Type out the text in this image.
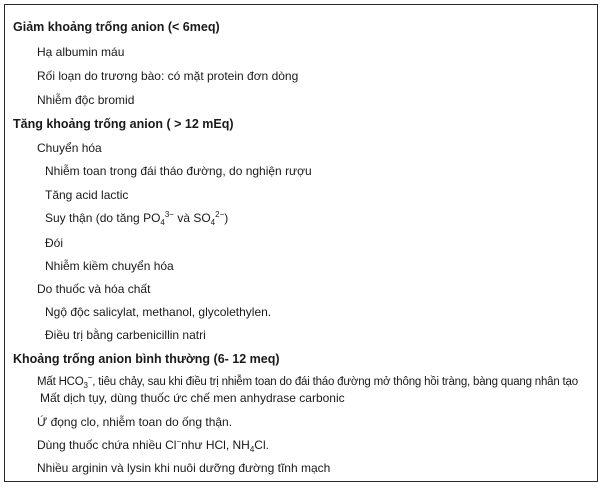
Giảm khoảng trống anion (< 6meq)
Hạ albumin máu
Rối loạn do trương bào: có mặt protein đơn dòng
Nhiễm độc bromid
Tăng khoảng trống anion ( > 12 mEq)
Chuyển hóa
Nhiễm toan trong đái tháo đường, do nghiện rượu
Tăng acid lactic
Suy thận (do tăng $PO_4^{3-}$ và $SO_4^{2-}$)
Đói
Nhiễm kiềm chuyển hóa
Do thuốc và hóa chất
Ngộ độc salicylat, methanol, glycolethylen.
Điều trị bằng carbenicillin natri
Khoảng trống anion bình thường (6- 12 meq)
Mất $HCO_3^-$, tiêu chảy, sau khi điều trị nhiễm toan do đái tháo đường mở thông hồi tràng, bàng quang nhân tạo
Mất dịch tụy, dùng thuốc ức chế men anhydrase carbonic
Ứ đọng clo, nhiễm toan do ống thận.
Dùng thuốc chứa nhiều Cl−như HCl, $NH_4Cl$.
Nhiều arginin và lysin khi nuôi dưỡng đường tĩnh mạch
